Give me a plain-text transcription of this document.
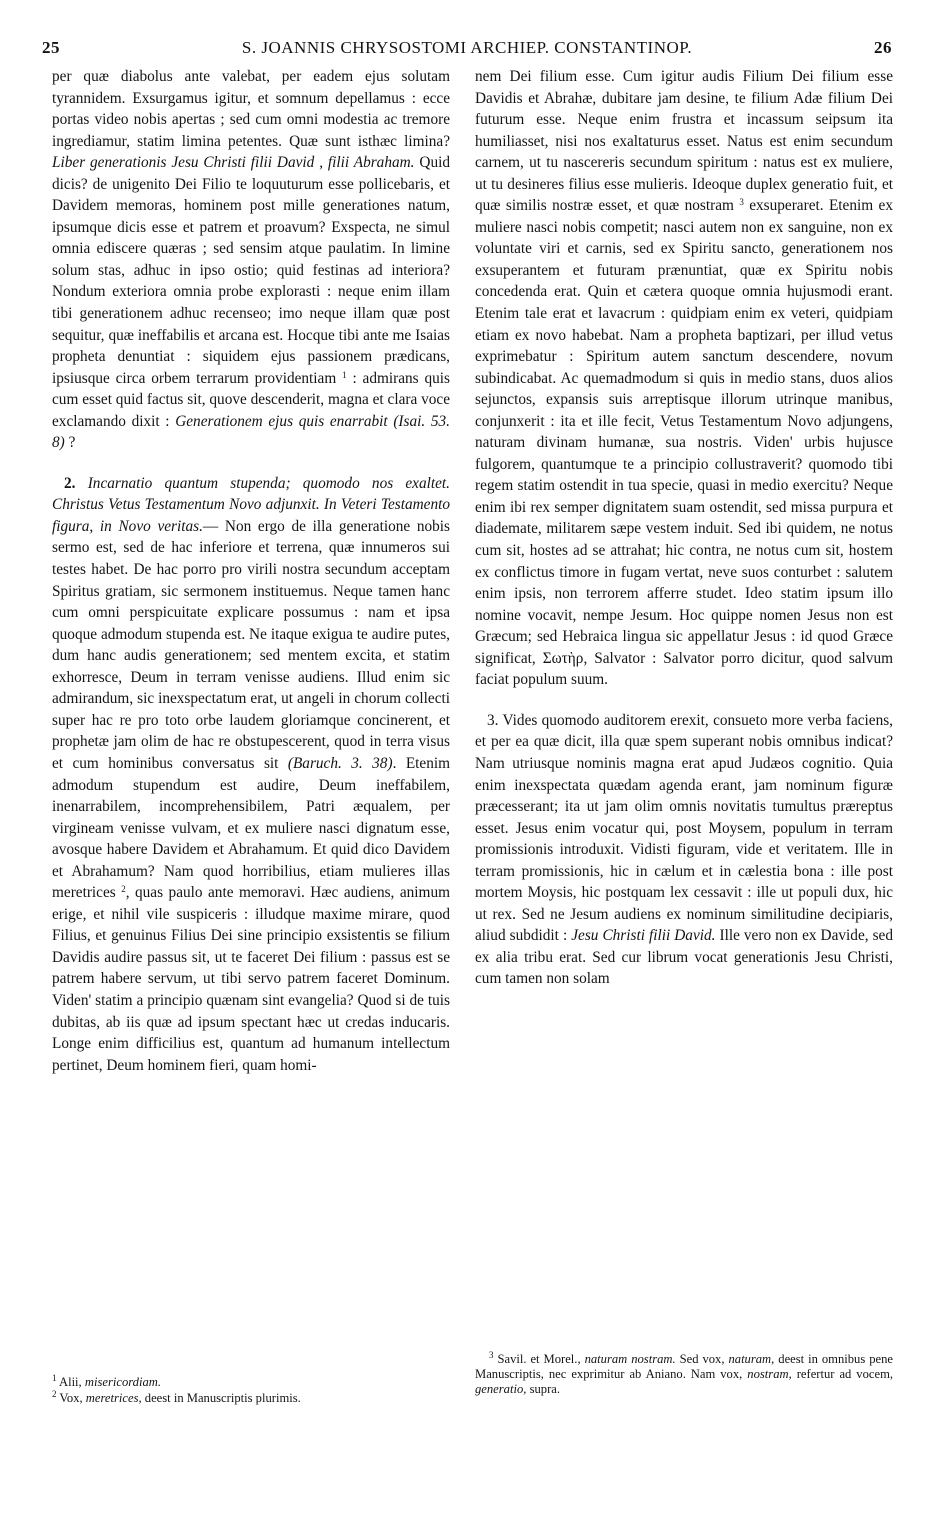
25	S. JOANNIS CHRYSOSTOMI ARCHIEP. CONSTANTINOP.	26

per quæ diabolus ante valebat, per eadem ejus solutam tyrannidem. Exsurgamus igitur, et somnum depellamus : ecce portas video nobis apertas ; sed cum omni modestia ac tremore ingrediamur, statim limina petentes. Quæ sunt isthæc limina? Liber generationis Jesu Christi filii David , filii Abraham. Quid dicis? de unigenito Dei Filio te loquuturum esse pollicebaris, et Davidem memoras, hominem post mille generationes natum, ipsumque dicis esse et patrem et proavum? Exspecta, ne simul omnia ediscere quæras ; sed sensim atque paulatim. In limine solum stas, adhuc in ipso ostio; quid festinas ad interiora? Nondum exteriora omnia probe explorasti : neque enim illam tibi generationem adhuc recenseo; imo neque illam quæ post sequitur, quæ ineffabilis et arcana est. Hocque tibi ante me Isaias propheta denuntiat : siquidem ejus passionem prædicans, ipsiusque circa orbem terrarum providentiam $^1$ : admirans quis cum esset quid factus sit, quove descenderit, magna et clara voce exclamando dixit : Generationem ejus quis enarrabit (Isai. 53. 8) ?

2. Incarnatio quantum stupenda; quomodo nos exaltet. Christus Vetus Testamentum Novo adjunxit. In Veteri Testamento figura, in Novo veritas.— Non ergo de illa generatione nobis sermo est, sed de hac inferiore et terrena, quæ innumeros sui testes habet. De hac porro pro virili nostra secundum acceptam Spiritus gratiam, sic sermonem instituemus. Neque tamen hanc cum omni perspicuitate explicare possumus : nam et ipsa quoque admodum stupenda est. Ne itaque exigua te audire putes, dum hanc audis generationem; sed mentem excita, et statim exhorresce, Deum in terram venisse audiens. Illud enim sic admirandum, sic inexspectatum erat, ut angeli in chorum collecti super hac re pro toto orbe laudem gloriamque concinerent, et prophetæ jam olim de hac re obstupescerent, quod in terra visus et cum hominibus conversatus sit (Baruch. 3. 38). Etenim admodum stupendum est audire, Deum ineffabilem, inenarrabilem, incomprehensibilem, Patri æqualem, per virgineam venisse vulvam, et ex muliere nasci dignatum esse, avosque habere Davidem et Abrahamum. Et quid dico Davidem et Abrahamum? Nam quod horribilius, etiam mulieres illas meretrices $^2$, quas paulo ante memoravi. Hæc audiens, animum erige, et nihil vile suspiceris : illudque maxime mirare, quod Filius, et genuinus Filius Dei sine principio exsistentis se filium Davidis audire passus sit, ut te faceret Dei filium : passus est se patrem habere servum, ut tibi servo patrem faceret Dominum. Viden' statim a principio quænam sint evangelia? Quod si de tuis dubitas, ab iis quæ ad ipsum spectant hæc ut credas inducaris. Longe enim difficilius est, quantum ad humanum intellectum pertinet, Deum hominem fieri, quam homi-

nem Dei filium esse. Cum igitur audis Filium Dei filium esse Davidis et Abrahæ, dubitare jam desine, te filium Adæ filium Dei futurum esse. Neque enim frustra et incassum seipsum ita humiliasset, nisi nos exaltaturus esset. Natus est enim secundum carnem, ut tu nascereris secundum spiritum : natus est ex muliere, ut tu desineres filius esse mulieris. Ideoque duplex generatio fuit, et quæ similis nostræ esset, et quæ nostram $^3$ exsuperaret. Etenim ex muliere nasci nobis competit; nasci autem non ex sanguine, non ex voluntate viri et carnis, sed ex Spiritu sancto, generationem nos exsuperantem et futuram prænuntiat, quæ ex Spiritu nobis concedenda erat. Quin et cætera quoque omnia hujusmodi erant. Etenim tale erat et lavacrum : quidpiam enim ex veteri, quidpiam etiam ex novo habebat. Nam a propheta baptizari, per illud vetus exprimebatur : Spiritum autem sanctum descendere, novum subindicabat. Ac quemadmodum si quis in medio stans, duos alios sejunctos, expansis suis arreptisque illorum utrinque manibus, conjunxerit : ita et ille fecit, Vetus Testamentum Novo adjungens, naturam divinam humanæ, sua nostris. Viden' urbis hujusce fulgorem, quantumque te a principio collustraverit? quomodo tibi regem statim ostendit in tua specie, quasi in medio exercitu? Neque enim ibi rex semper dignitatem suam ostendit, sed missa purpura et diademate, militarem sæpe vestem induit. Sed ibi quidem, ne notus cum sit, hostes ad se attrahat; hic contra, ne notus cum sit, hostem ex conflictus timore in fugam vertat, neve suos conturbet : salutem enim ipsis, non terrorem afferre studet. Ideo statim ipsum illo nomine vocavit, nempe Jesum. Hoc quippe nomen Jesus non est Græcum; sed Hebraica lingua sic appellatur Jesus : id quod Græce significat, Σωτὴρ, Salvator : Salvator porro dicitur, quod salvum faciat populum suum.

3. Vides quomodo auditorem erexit, consueto more verba faciens, et per ea quæ dicit, illa quæ spem superant nobis omnibus indicat? Nam utriusque nominis magna erat apud Judæos cognitio. Quia enim inexspectata quædam agenda erant, jam nominum figuræ præcesserant; ita ut jam olim omnis novitatis tumultus præreptus esset. Jesus enim vocatur qui, post Moysem, populum in terram promissionis introduxit. Vidisti figuram, vide et veritatem. Ille in terram promissionis, hic in cælum et in cælestia bona : ille post mortem Moysis, hic postquam lex cessavit : ille ut populi dux, hic ut rex. Sed ne Jesum audiens ex nominum similitudine decipiaris, aliud subdidit : Jesu Christi filii David. Ille vero non ex Davide, sed ex alia tribu erat. Sed cur librum vocat generationis Jesu Christi, cum tamen non solam

$^1$ Alii, misericordiam.

$^2$ Vox, meretrices, deest in Manuscriptis plurimis.

$^3$ Savil. et Morel., naturam nostram. Sed vox, naturam, deest in omnibus pene Manuscriptis, nec exprimitur ab Aniano. Nam vox, nostram, refertur ad vocem, generatio, supra.
